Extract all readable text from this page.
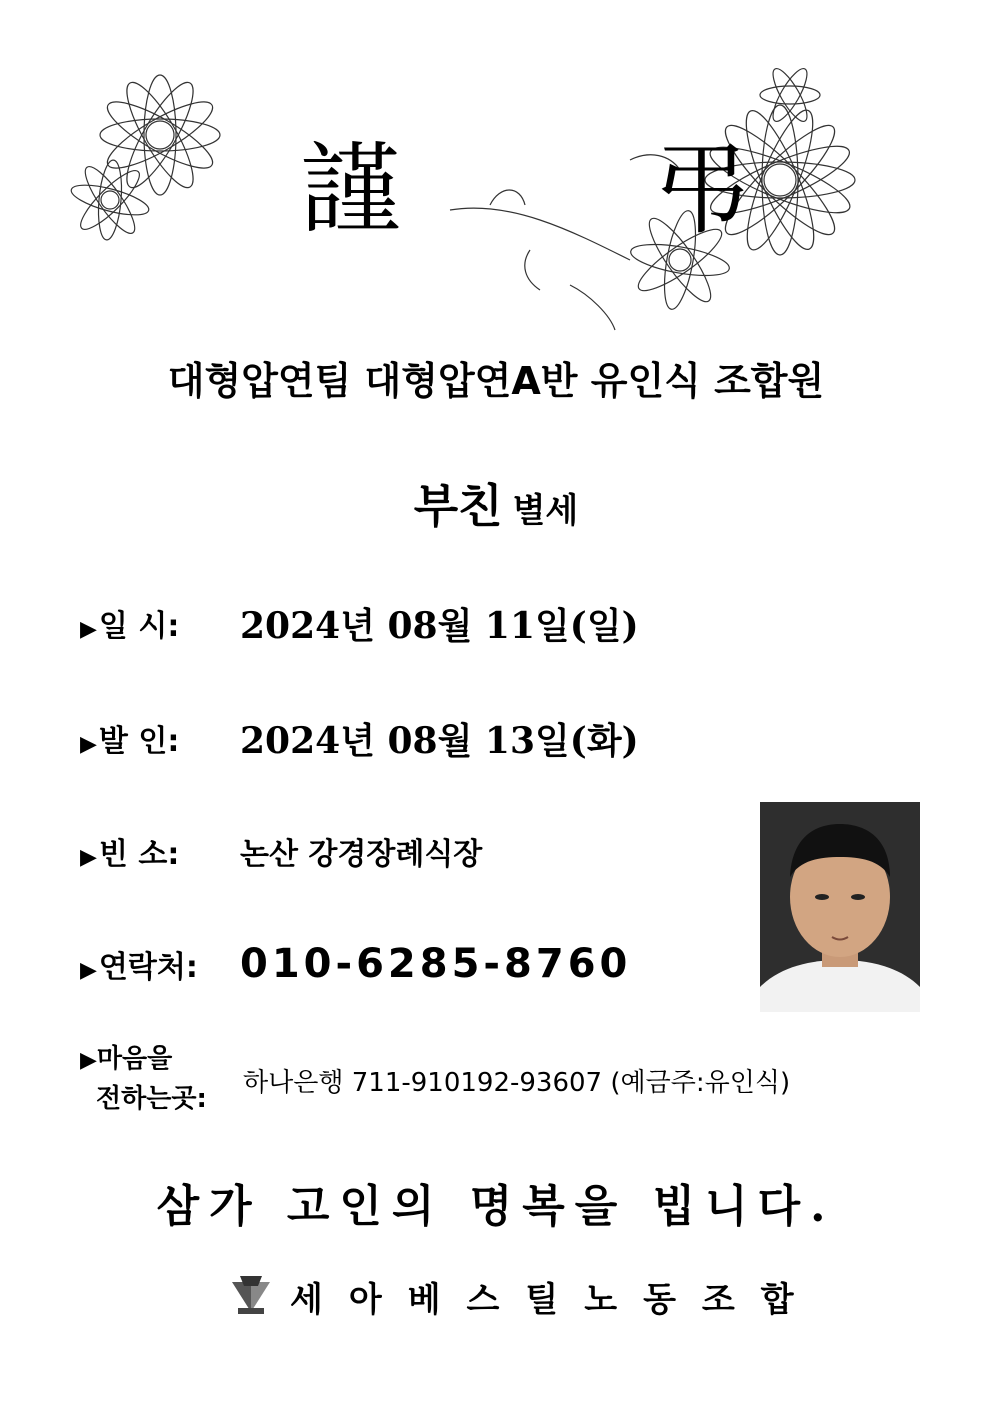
謹 弔
대형압연팀 대형압연A반 유인식 조합원
부친 별세
▶일 시:	2024년 08월 11일(일)
▶발 인:	2024년 08월 13일(화)
▶빈 소:	논산 강경장례식장
▶연락처:	010-6285-8760
▶마음을
전하는곳:
하나은행 711-910192-93607 (예금주:유인식)
삼가 고인의 명복을 빕니다.
세아베스틸노동조합
